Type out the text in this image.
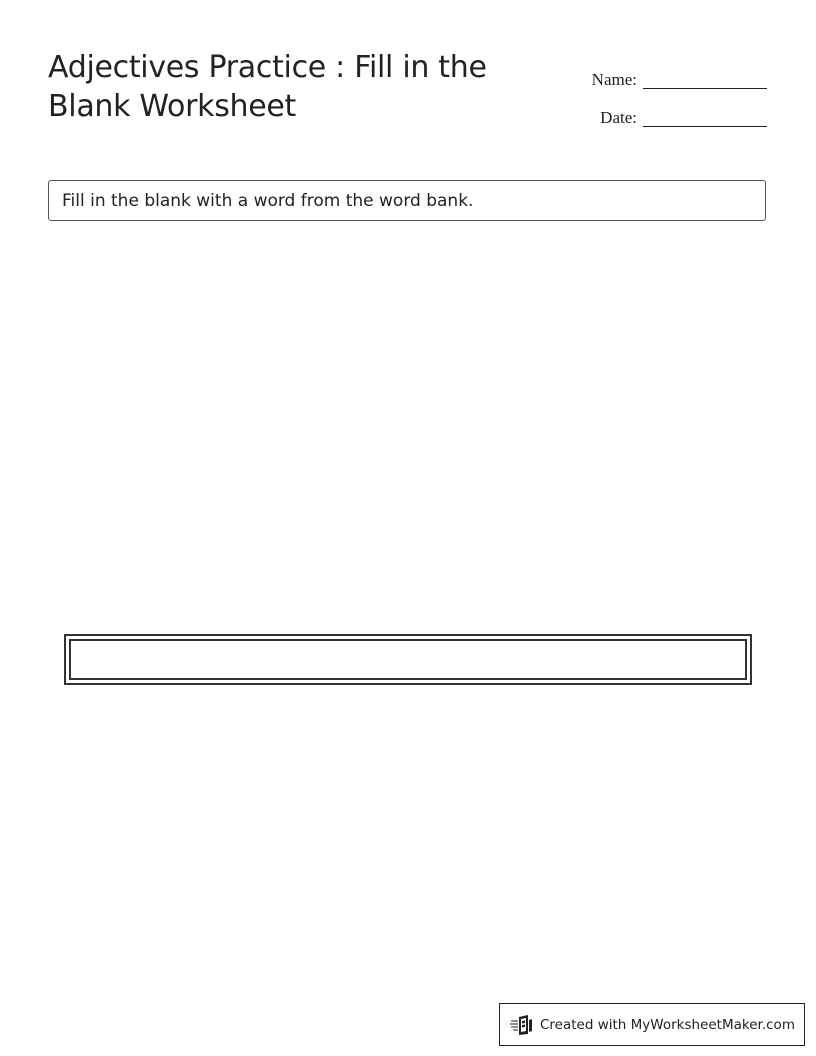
Adjectives Practice : Fill in the Blank Worksheet
Name:
Date:
Fill in the blank with a word from the word bank.
Created with MyWorksheetMaker.com
